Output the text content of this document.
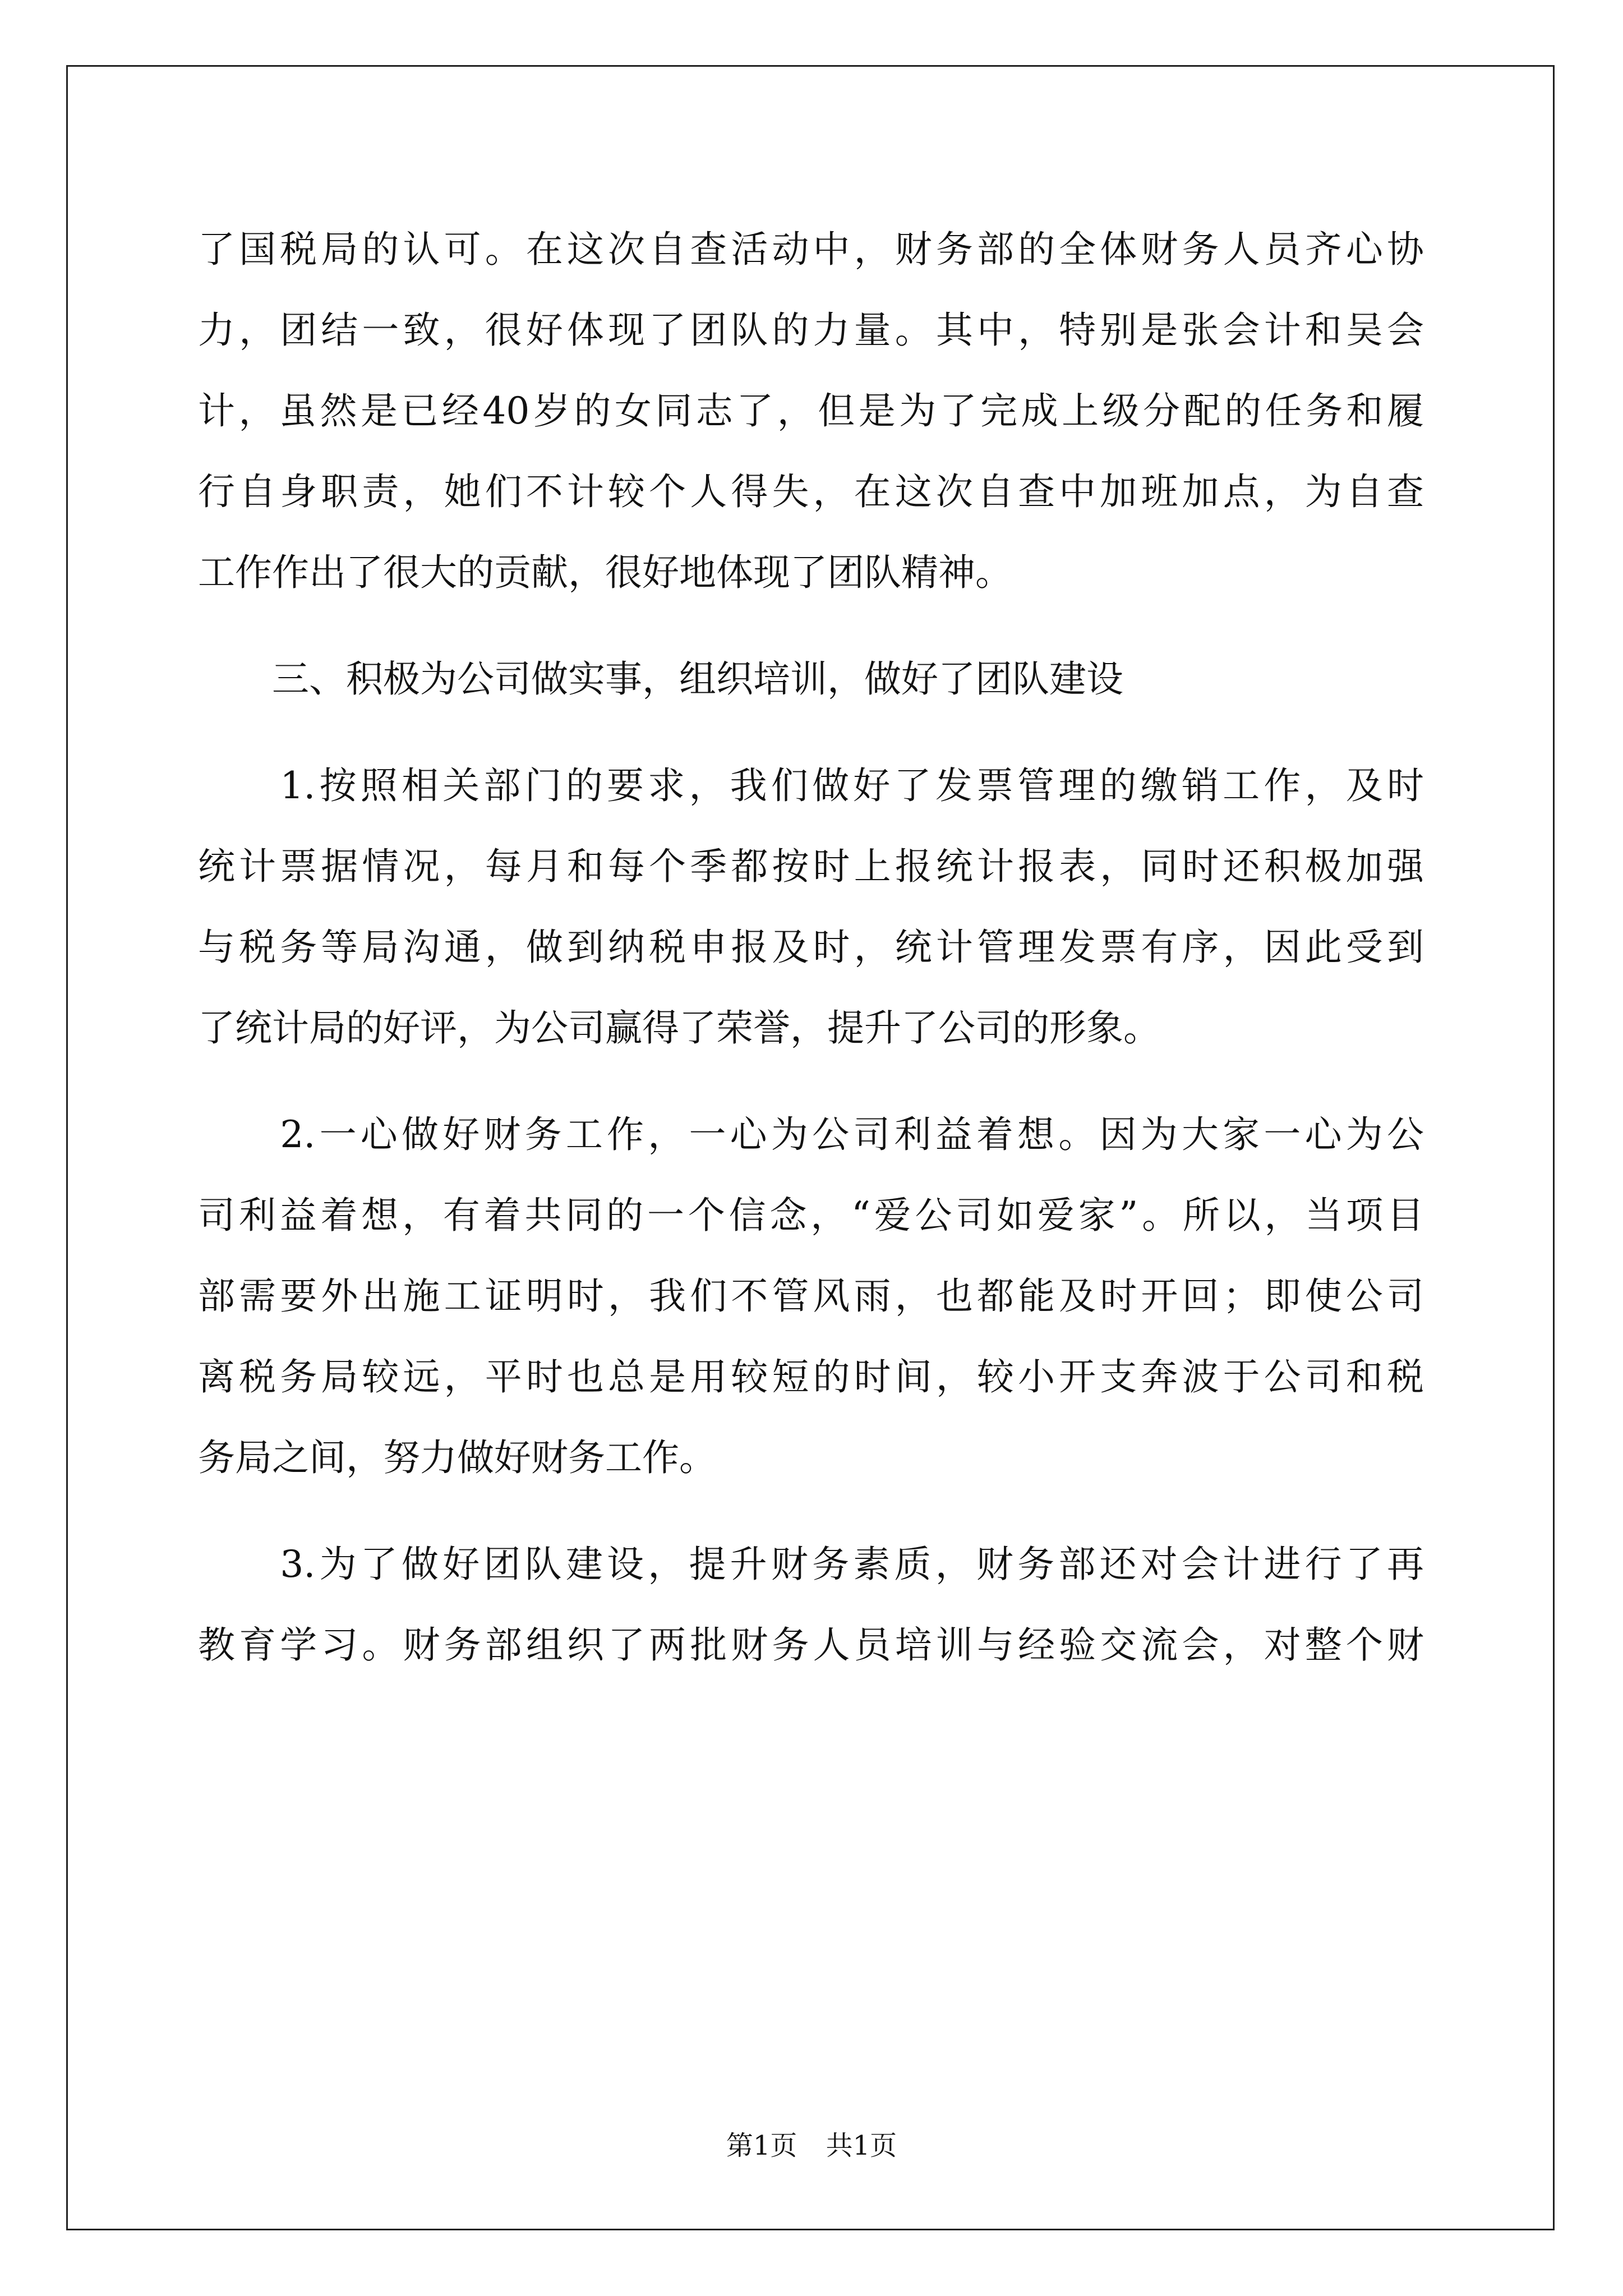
了国税局的认可。在这次自查活动中，财务部的全体财务人员齐心协
力，团结一致，很好体现了团队的力量。其中，特别是张会计和吴会
计，虽然是已经40岁的女同志了，但是为了完成上级分配的任务和履
行自身职责，她们不计较个人得失，在这次自查中加班加点，为自查
工作作出了很大的贡献，很好地体现了团队精神。
　　三、积极为公司做实事，组织培训，做好了团队建设
　　1.按照相关部门的要求，我们做好了发票管理的缴销工作，及时
统计票据情况，每月和每个季都按时上报统计报表，同时还积极加强
与税务等局沟通，做到纳税申报及时，统计管理发票有序，因此受到
了统计局的好评，为公司赢得了荣誉，提升了公司的形象。
　　2.一心做好财务工作，一心为公司利益着想。因为大家一心为公
司利益着想，有着共同的一个信念，“爱公司如爱家”。所以，当项目
部需要外出施工证明时，我们不管风雨，也都能及时开回；即使公司
离税务局较远，平时也总是用较短的时间，较小开支奔波于公司和税
务局之间，努力做好财务工作。
　　3.为了做好团队建设，提升财务素质，财务部还对会计进行了再
教育学习。财务部组织了两批财务人员培训与经验交流会，对整个财
第1页 共1页
